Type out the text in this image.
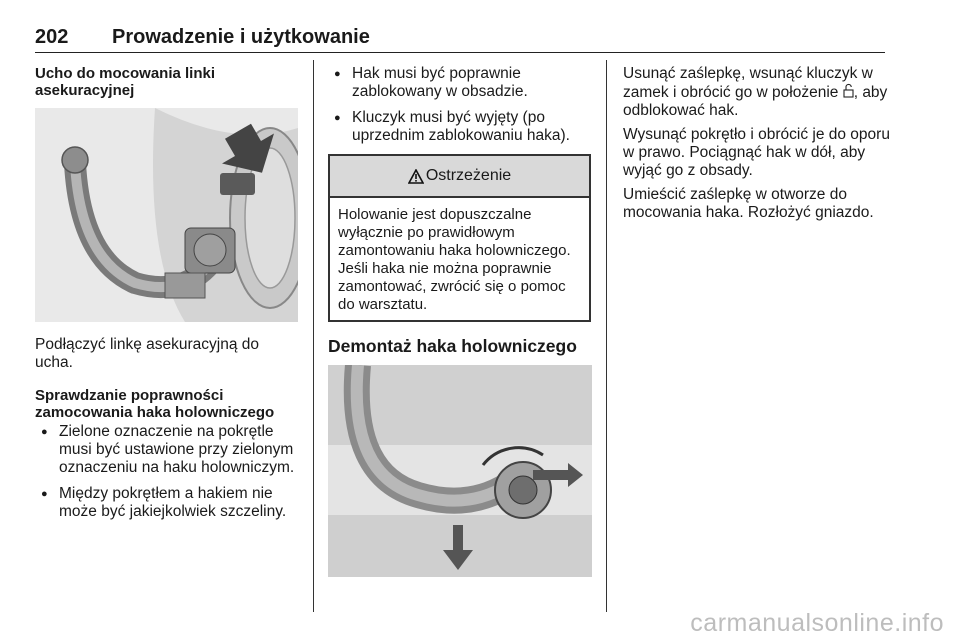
202 Prowadzenie i użytkowanie

Ucho do mocowania linki asekuracyjnej

Podłączyć linkę asekuracyjną do ucha.

Sprawdzanie poprawności zamocowania haka holowniczego

● Zielone oznaczenie na pokrętle musi być ustawione przy zielonym oznaczeniu na haku holowniczym.
● Między pokrętłem a hakiem nie może być jakiejkolwiek szczeliny.
● Hak musi być poprawnie zablokowany w obsadzie.
● Kluczyk musi być wyjęty (po uprzednim zablokowaniu haka).
Ostrzeżenie
Holowanie jest dopuszczalne wyłącznie po prawidłowym zamontowaniu haka holowniczego. Jeśli haka nie można poprawnie zamontować, zwrócić się o pomoc do warsztatu.

Demontaż haka holowniczego

Usunąć zaślepkę, wsunąć kluczyk w zamek i obrócić go w położenie , aby odblokować hak.

Wysunąć pokrętło i obrócić je do oporu w prawo. Pociągnąć hak w dół, aby wyjąć go z obsady.

Umieścić zaślepkę w otworze do mocowania haka. Rozłożyć gniazdo.

carmanualsonline.info
